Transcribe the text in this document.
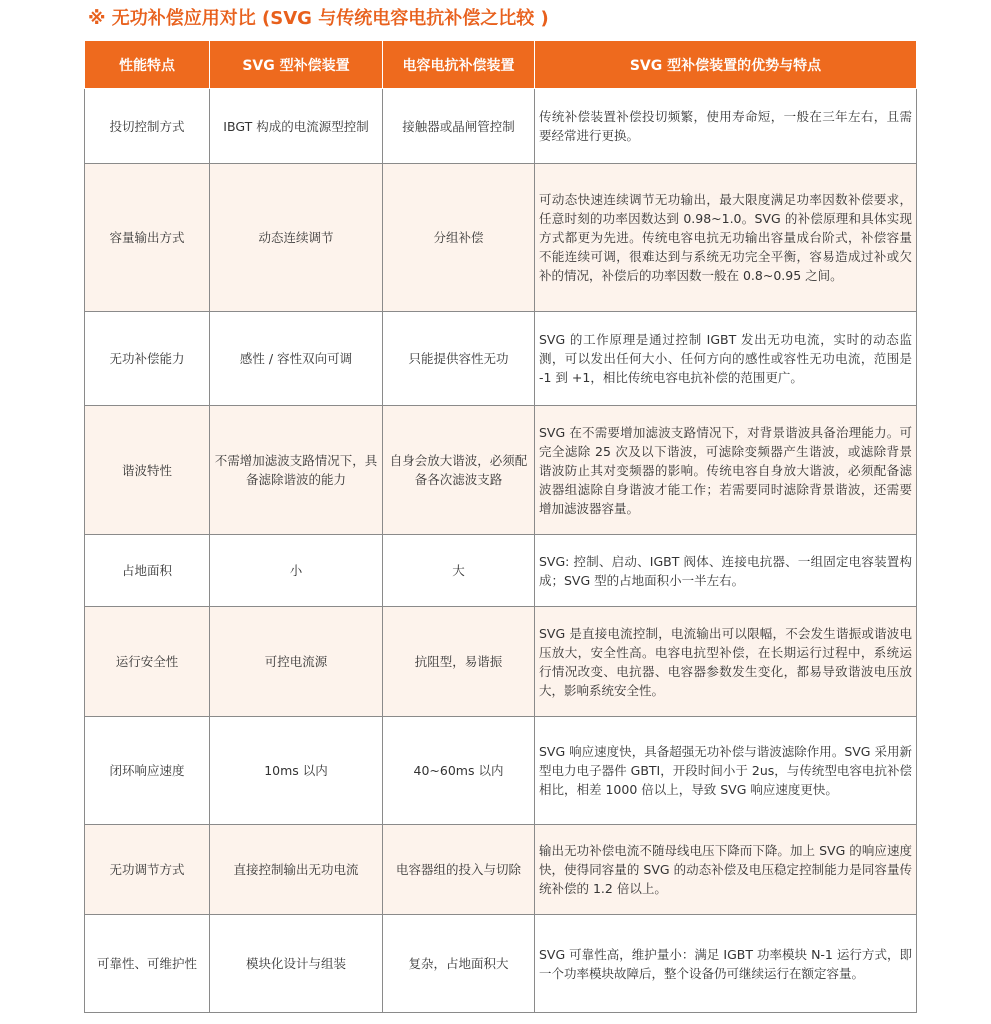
※ 无功补偿应用对比 (SVG 与传统电容电抗补偿之比较 )
性能特点	SVG 型补偿装置	电容电抗补偿装置	SVG 型补偿装置的优势与特点
投切控制方式	IBGT 构成的电流源型控制	接触器或晶闸管控制	传统补偿装置补偿投切频繁，使用寿命短，一般在三年左右，且需要经常进行更换。
容量输出方式	动态连续调节	分组补偿	可动态快速连续调节无功输出，最大限度满足功率因数补偿要求，任意时刻的功率因数达到 0.98~1.0。SVG 的补偿原理和具体实现方式都更为先进。传统电容电抗无功输出容量成台阶式，补偿容量不能连续可调，很难达到与系统无功完全平衡，容易造成过补或欠补的情况，补偿后的功率因数一般在 0.8~0.95 之间。
无功补偿能力	感性 / 容性双向可调	只能提供容性无功	SVG 的工作原理是通过控制 IGBT 发出无功电流，实时的动态监测，可以发出任何大小、任何方向的感性或容性无功电流，范围是 -1 到 +1，相比传统电容电抗补偿的范围更广。
谐波特性	不需增加滤波支路情况下，具备滤除谐波的能力	自身会放大谐波，必须配备各次滤波支路	SVG 在不需要增加滤波支路情况下，对背景谐波具备治理能力。可完全滤除 25 次及以下谐波，可滤除变频器产生谐波，或滤除背景谐波防止其对变频器的影响。传统电容自身放大谐波，必须配备滤波器组滤除自身谐波才能工作；若需要同时滤除背景谐波，还需要增加滤波器容量。
占地面积	小	大	SVG: 控制、启动、IGBT 阀体、连接电抗器、一组固定电容装置构成；SVG 型的占地面积小一半左右。
运行安全性	可控电流源	抗阻型，易谐振	SVG 是直接电流控制，电流输出可以限幅，不会发生谐振或谐波电压放大，安全性高。电容电抗型补偿，在长期运行过程中，系统运行情况改变、电抗器、电容器参数发生变化，都易导致谐波电压放大，影响系统安全性。
闭环响应速度	10ms 以内	40~60ms 以内	SVG 响应速度快，具备超强无功补偿与谐波滤除作用。SVG 采用新型电力电子器件 GBTI，开段时间小于 2us，与传统型电容电抗补偿相比，相差 1000 倍以上，导致 SVG 响应速度更快。
无功调节方式	直接控制输出无功电流	电容器组的投入与切除	输出无功补偿电流不随母线电压下降而下降。加上 SVG 的响应速度快，使得同容量的 SVG 的动态补偿及电压稳定控制能力是同容量传统补偿的 1.2 倍以上。
可靠性、可维护性	模块化设计与组装	复杂，占地面积大	SVG 可靠性高，维护量小：满足 IGBT 功率模块 N-1 运行方式，即一个功率模块故障后，整个设备仍可继续运行在额定容量。
